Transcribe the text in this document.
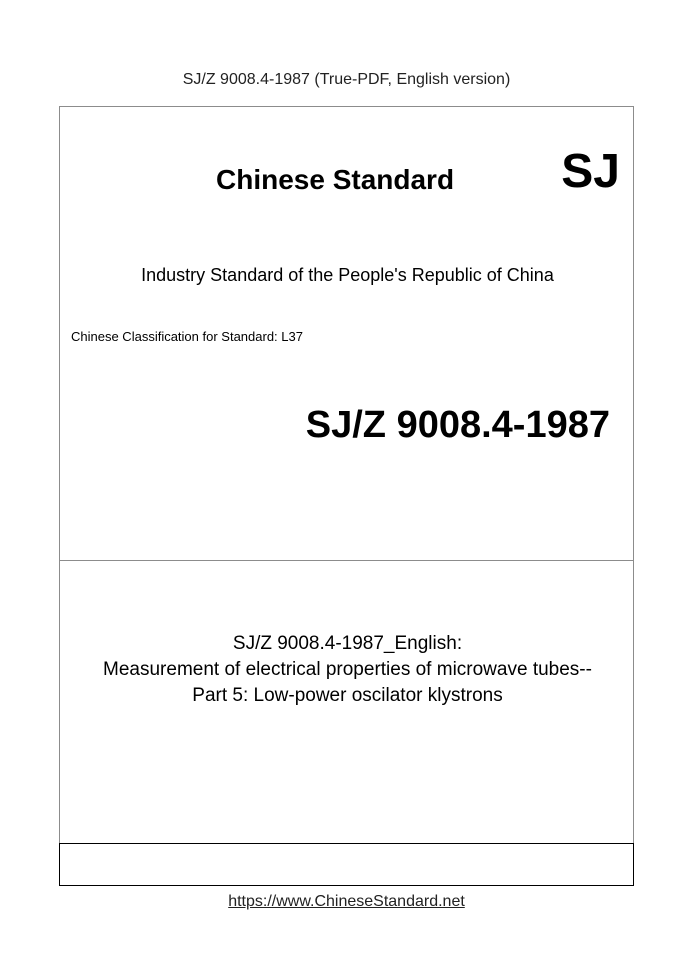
SJ/Z 9008.4-1987 (True-PDF, English version)
Chinese Standard SJ
Industry Standard of the People's Republic of China
Chinese Classification for Standard: L37
SJ/Z 9008.4-1987
SJ/Z 9008.4-1987_English:
Measurement of electrical properties of microwave tubes--
Part 5: Low-power oscilator klystrons
https://www.ChineseStandard.net
